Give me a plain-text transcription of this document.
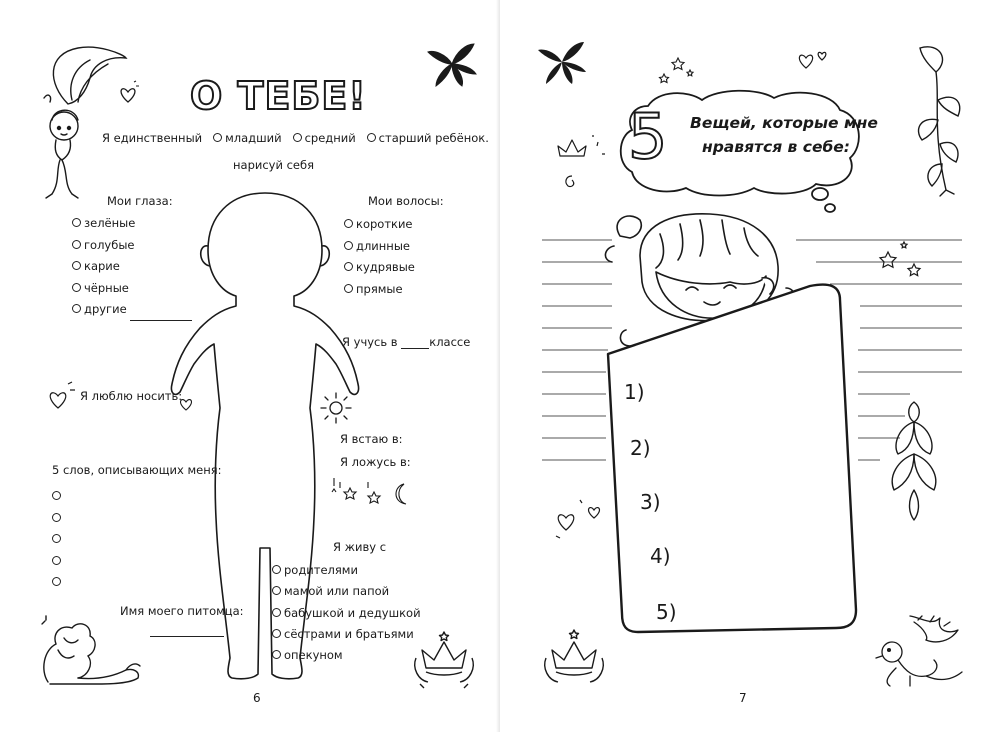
О ТЕБЕ!
Я единственный младший средний старший ребёнок.
нарисуй себя
Мои глаза:
зелёные
голубые
карие
чёрные
другие
Мои волосы:
короткие
длинные
кудрявые
прямые
Я учусь в	классе
Я люблю носить:
Я встаю в:
Я ложусь в:
5 слов, описывающих меня:
Я живу с
родителями
мамой или папой
бабушкой и дедушкой
сёстрами и братьями
опекуном
Имя моего питомца:
6
5 Вещей, которые мне
нравятся в себе:
1)
2)
3)
4)
5)
7
